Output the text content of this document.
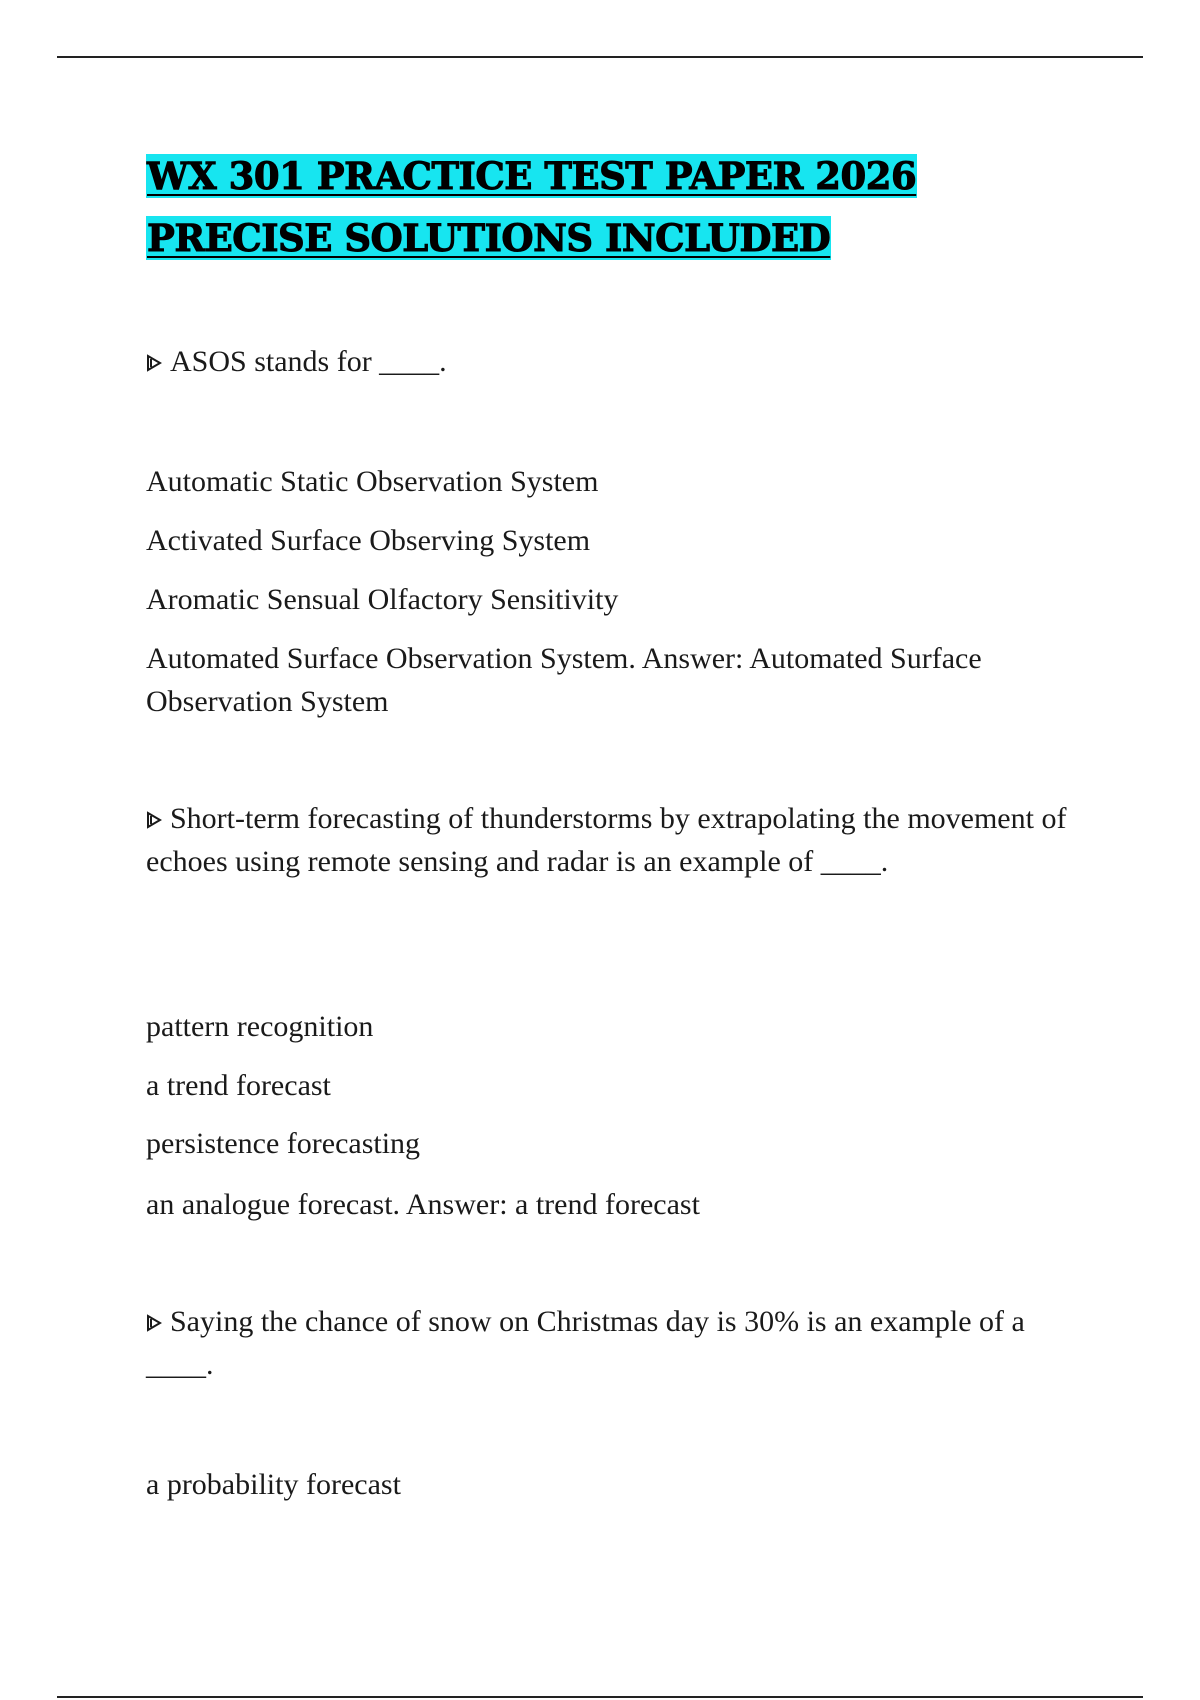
WX 301 PRACTICE TEST PAPER 2026
PRECISE SOLUTIONS INCLUDED

ASOS stands for ____.

Automatic Static Observation System

Activated Surface Observing System

Aromatic Sensual Olfactory Sensitivity

Automated Surface Observation System. Answer: Automated Surface Observation System

Short-term forecasting of thunderstorms by extrapolating the movement of echoes using remote sensing and radar is an example of ____.

pattern recognition

a trend forecast

persistence forecasting

an analogue forecast. Answer: a trend forecast

Saying the chance of snow on Christmas day is 30% is an example of a ____.

a probability forecast
